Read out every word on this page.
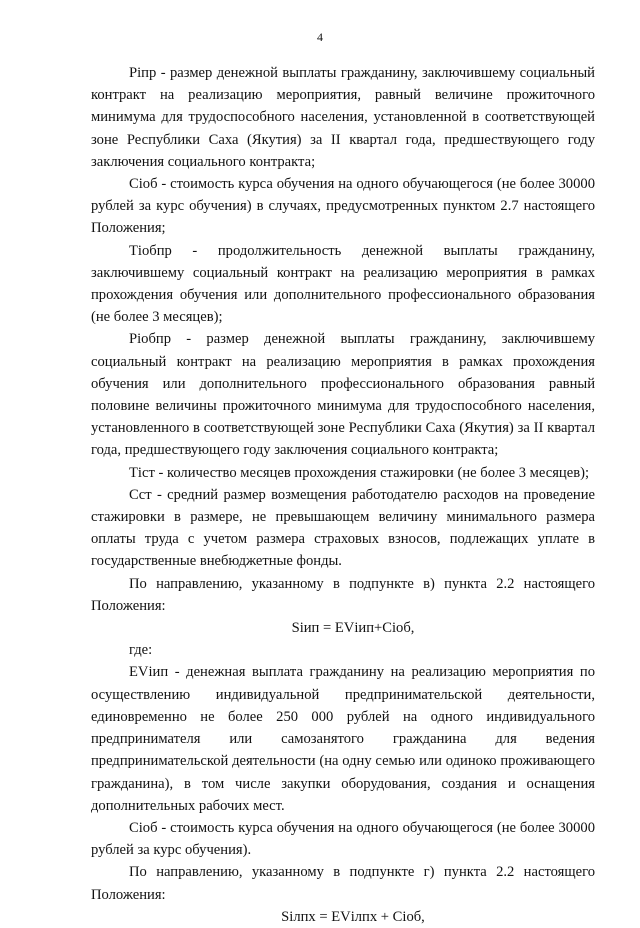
4

Pіпр - размер денежной выплаты гражданину, заключившему социальный контракт на реализацию мероприятия, равный величине прожиточного минимума для трудоспособного населения, установленной в соответствующей зоне Республики Саха (Якутия) за II квартал года, предшествующего году заключения социального контракта;

Cіоб - стоимость курса обучения на одного обучающегося (не более 30000 рублей за курс обучения) в случаях, предусмотренных пунктом 2.7 настоящего Положения;

Tіобпр - продолжительность денежной выплаты гражданину, заключившему социальный контракт на реализацию мероприятия в рамках прохождения обучения или дополнительного профессионального образования (не более 3 месяцев);

Pіобпр - размер денежной выплаты гражданину, заключившему социальный контракт на реализацию мероприятия в рамках прохождения обучения или дополнительного профессионального образования равный половине величины прожиточного минимума для трудоспособного населения, установленного в соответствующей зоне Республики Саха (Якутия) за II квартал года, предшествующего году заключения социального контракта;

Tіст - количество месяцев прохождения стажировки (не более 3 месяцев);

Cст - средний размер возмещения работодателю расходов на проведение стажировки в размере, не превышающем величину минимального размера оплаты труда с учетом размера страховых взносов, подлежащих уплате в государственные внебюджетные фонды.

По направлению, указанному в подпункте в) пункта 2.2 настоящего Положения:

Sіип = EVіип+Cіоб,

где:

EVіип - денежная выплата гражданину на реализацию мероприятия по осуществлению индивидуальной предпринимательской деятельности, единовременно не более 250 000 рублей на одного индивидуального предпринимателя или самозанятого гражданина для ведения предпринимательской деятельности (на одну семью или одиноко проживающего гражданина), в том числе закупки оборудования, создания и оснащения дополнительных рабочих мест.

Cіоб - стоимость курса обучения на одного обучающегося (не более 30000 рублей за курс обучения).

По направлению, указанному в подпункте г) пункта 2.2 настоящего Положения:

Sілпх = EVілпх + Cіоб,
